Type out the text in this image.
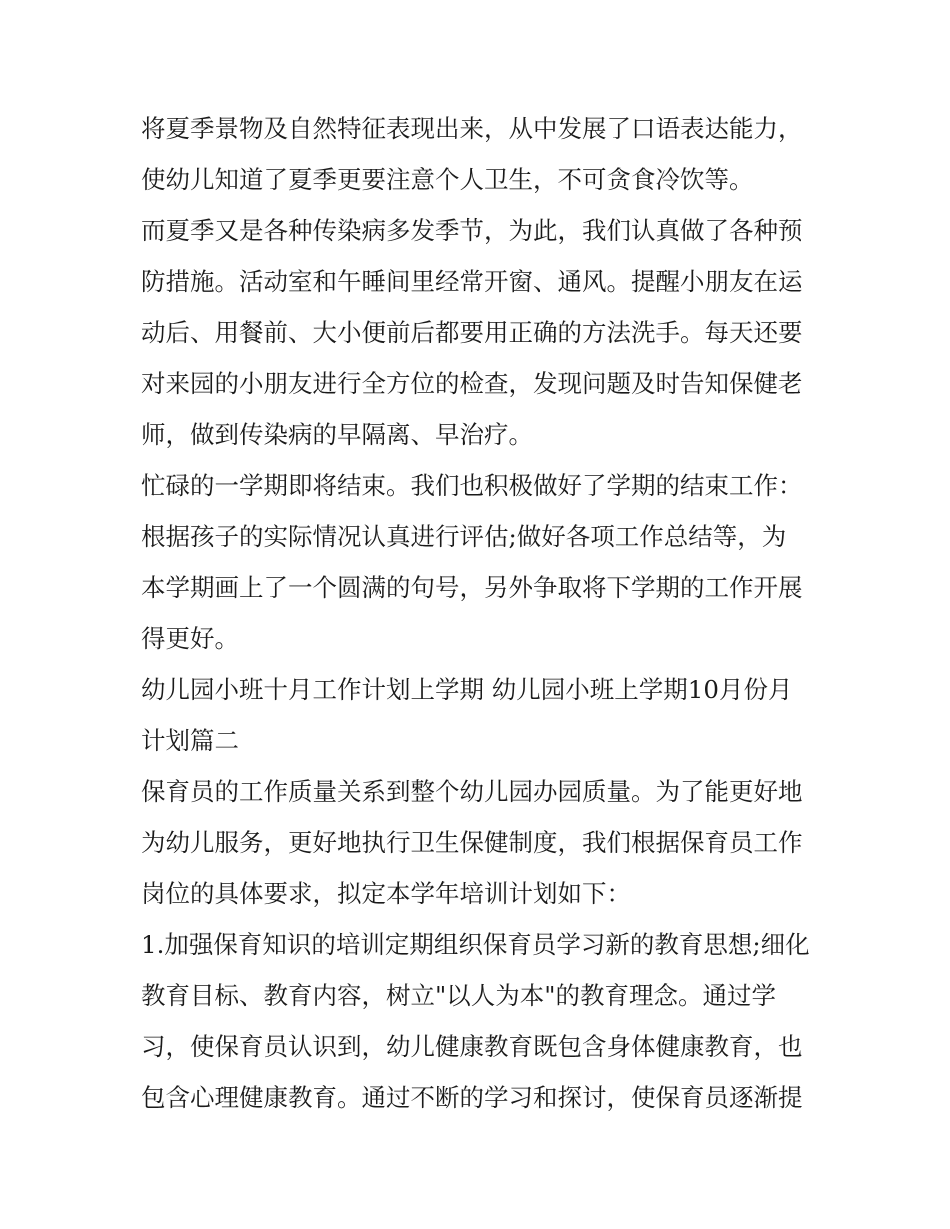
将夏季景物及自然特征表现出来，从中发展了口语表达能力，
使幼儿知道了夏季更要注意个人卫生，不可贪食冷饮等。
而夏季又是各种传染病多发季节，为此，我们认真做了各种预
防措施。活动室和午睡间里经常开窗、通风。提醒小朋友在运
动后、用餐前、大小便前后都要用正确的方法洗手。每天还要
对来园的小朋友进行全方位的检查，发现问题及时告知保健老
师，做到传染病的早隔离、早治疗。
忙碌的一学期即将结束。我们也积极做好了学期的结束工作：
根据孩子的实际情况认真进行评估;做好各项工作总结等，为
本学期画上了一个圆满的句号，另外争取将下学期的工作开展
得更好。
幼儿园小班十月工作计划上学期 幼儿园小班上学期10月份月
计划篇二
保育员的工作质量关系到整个幼儿园办园质量。为了能更好地
为幼儿服务，更好地执行卫生保健制度，我们根据保育员工作
岗位的具体要求，拟定本学年培训计划如下：
1.加强保育知识的培训定期组织保育员学习新的教育思想;细化
教育目标、教育内容，树立"以人为本"的教育理念。通过学
习，使保育员认识到，幼儿健康教育既包含身体健康教育，也
包含心理健康教育。通过不断的学习和探讨，使保育员逐渐提
